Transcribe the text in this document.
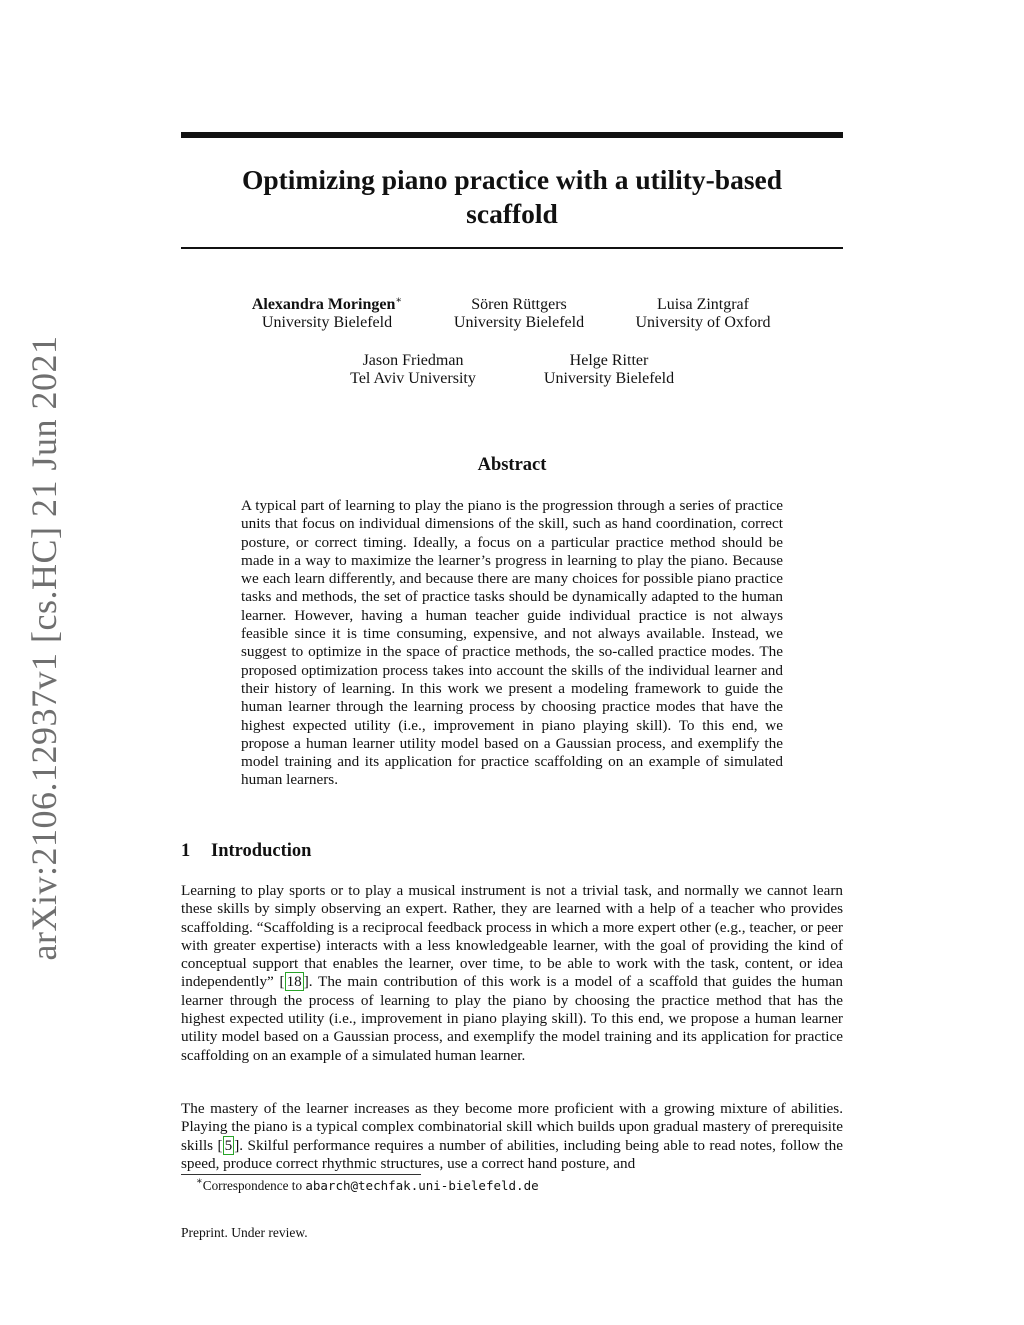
arXiv:2106.12937v1 [cs.HC] 21 Jun 2021
Optimizing piano practice with a utility-based
scaffold
Alexandra Moringen∗
University Bielefeld
Sören Rüttgers
University Bielefeld
Luisa Zintgraf
University of Oxford
Jason Friedman
Tel Aviv University
Helge Ritter
University Bielefeld
Abstract

A typical part of learning to play the piano is the progression through a series of practice units that focus on individual dimensions of the skill, such as hand coordination, correct posture, or correct timing. Ideally, a focus on a particular practice method should be made in a way to maximize the learner’s progress in learning to play the piano. Because we each learn differently, and because there are many choices for possible piano practice tasks and methods, the set of practice tasks should be dynamically adapted to the human learner. However, having a human teacher guide individual practice is not always feasible since it is time consuming, expensive, and not always available. Instead, we suggest to optimize in the space of practice methods, the so-called practice modes. The proposed optimization process takes into account the skills of the individual learner and their history of learning. In this work we present a modeling framework to guide the human learner through the learning process by choosing practice modes that have the highest expected utility (i.e., improvement in piano playing skill). To this end, we propose a human learner utility model based on a Gaussian process, and exemplify the model training and its application for practice scaffolding on an example of simulated human learners.

1 Introduction

Learning to play sports or to play a musical instrument is not a trivial task, and normally we cannot learn these skills by simply observing an expert. Rather, they are learned with a help of a teacher who provides scaffolding. “Scaffolding is a reciprocal feedback process in which a more expert other (e.g., teacher, or peer with greater expertise) interacts with a less knowledgeable learner, with the goal of providing the kind of conceptual support that enables the learner, over time, to be able to work with the task, content, or idea independently” [ 18 ]. The main contribution of this work is a model of a scaffold that guides the human learner through the process of learning to play the piano by choosing the practice method that has the highest expected utility (i.e., improvement in piano playing skill). To this end, we propose a human learner utility model based on a Gaussian process, and exemplify the model training and its application for practice scaffolding on an example of a simulated human learner.

The mastery of the learner increases as they become more proficient with a growing mixture of abilities. Playing the piano is a typical complex combinatorial skill which builds upon gradual mastery of prerequisite skills [ 5 ]. Skilful performance requires a number of abilities, including being able to read notes, follow the speed, produce correct rhythmic structures, use a correct hand posture, and

∗Correspondence to abarch@techfak.uni-bielefeld.de
Preprint. Under review.
